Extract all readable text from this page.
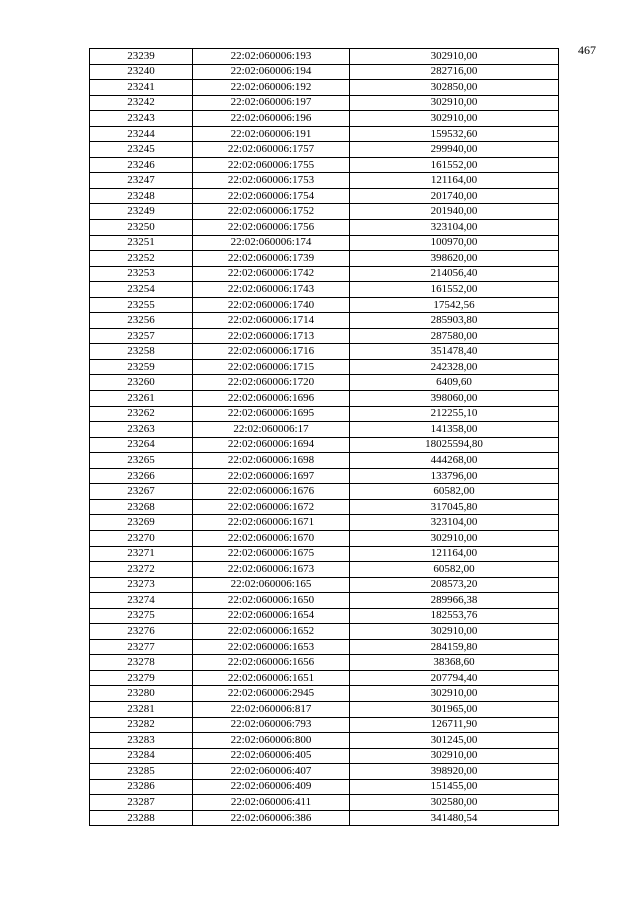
467
23239	22:02:060006:193	302910,00
23240	22:02:060006:194	282716,00
23241	22:02:060006:192	302850,00
23242	22:02:060006:197	302910,00
23243	22:02:060006:196	302910,00
23244	22:02:060006:191	159532,60
23245	22:02:060006:1757	299940,00
23246	22:02:060006:1755	161552,00
23247	22:02:060006:1753	121164,00
23248	22:02:060006:1754	201740,00
23249	22:02:060006:1752	201940,00
23250	22:02:060006:1756	323104,00
23251	22:02:060006:174	100970,00
23252	22:02:060006:1739	398620,00
23253	22:02:060006:1742	214056,40
23254	22:02:060006:1743	161552,00
23255	22:02:060006:1740	17542,56
23256	22:02:060006:1714	285903,80
23257	22:02:060006:1713	287580,00
23258	22:02:060006:1716	351478,40
23259	22:02:060006:1715	242328,00
23260	22:02:060006:1720	6409,60
23261	22:02:060006:1696	398060,00
23262	22:02:060006:1695	212255,10
23263	22:02:060006:17	141358,00
23264	22:02:060006:1694	18025594,80
23265	22:02:060006:1698	444268,00
23266	22:02:060006:1697	133796,00
23267	22:02:060006:1676	60582,00
23268	22:02:060006:1672	317045,80
23269	22:02:060006:1671	323104,00
23270	22:02:060006:1670	302910,00
23271	22:02:060006:1675	121164,00
23272	22:02:060006:1673	60582,00
23273	22:02:060006:165	208573,20
23274	22:02:060006:1650	289966,38
23275	22:02:060006:1654	182553,76
23276	22:02:060006:1652	302910,00
23277	22:02:060006:1653	284159,80
23278	22:02:060006:1656	38368,60
23279	22:02:060006:1651	207794,40
23280	22:02:060006:2945	302910,00
23281	22:02:060006:817	301965,00
23282	22:02:060006:793	126711,90
23283	22:02:060006:800	301245,00
23284	22:02:060006:405	302910,00
23285	22:02:060006:407	398920,00
23286	22:02:060006:409	151455,00
23287	22:02:060006:411	302580,00
23288	22:02:060006:386	341480,54
